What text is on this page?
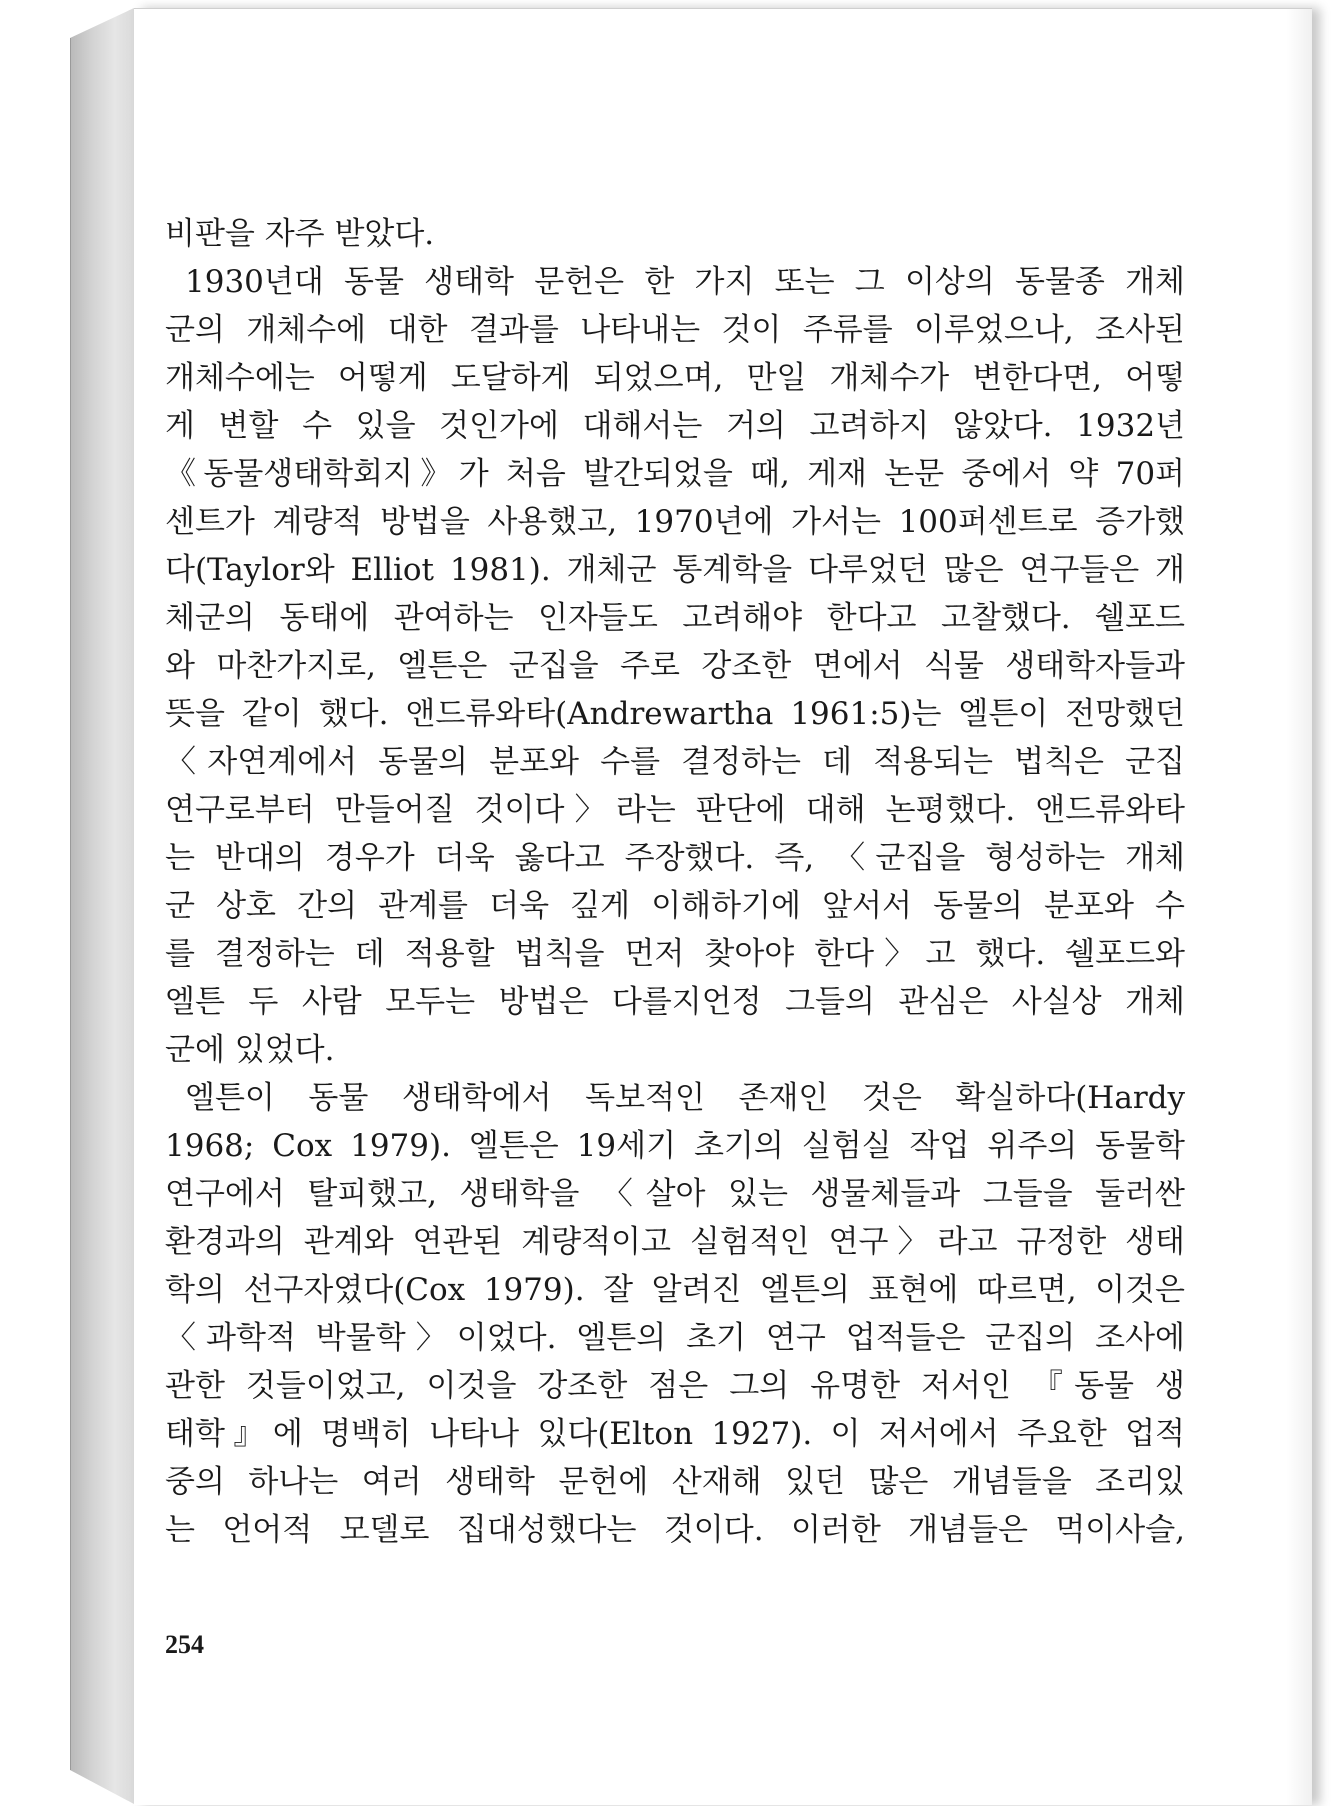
비판을 자주 받았다.
1930년대 동물 생태학 문헌은 한 가지 또는 그 이상의 동물종 개체
군의 개체수에 대한 결과를 나타내는 것이 주류를 이루었으나, 조사된
개체수에는 어떻게 도달하게 되었으며, 만일 개체수가 변한다면, 어떻
게 변할 수 있을 것인가에 대해서는 거의 고려하지 않았다. 1932년
《동물생태학회지》가 처음 발간되었을 때, 게재 논문 중에서 약 70퍼
센트가 계량적 방법을 사용했고, 1970년에 가서는 100퍼센트로 증가했
다(Taylor와 Elliot 1981). 개체군 통계학을 다루었던 많은 연구들은 개
체군의 동태에 관여하는 인자들도 고려해야 한다고 고찰했다. 쉘포드
와 마찬가지로, 엘튼은 군집을 주로 강조한 면에서 식물 생태학자들과
뜻을 같이 했다. 앤드류와타(Andrewartha 1961:5)는 엘튼이 전망했던
〈자연계에서 동물의 분포와 수를 결정하는 데 적용되는 법칙은 군집
연구로부터 만들어질 것이다〉라는 판단에 대해 논평했다. 앤드류와타
는 반대의 경우가 더욱 옳다고 주장했다. 즉, 〈군집을 형성하는 개체
군 상호 간의 관계를 더욱 깊게 이해하기에 앞서서 동물의 분포와 수
를 결정하는 데 적용할 법칙을 먼저 찾아야 한다〉고 했다. 쉘포드와
엘튼 두 사람 모두는 방법은 다를지언정 그들의 관심은 사실상 개체
군에 있었다.
엘튼이 동물 생태학에서 독보적인 존재인 것은 확실하다(Hardy
1968; Cox 1979). 엘튼은 19세기 초기의 실험실 작업 위주의 동물학
연구에서 탈피했고, 생태학을 〈살아 있는 생물체들과 그들을 둘러싼
환경과의 관계와 연관된 계량적이고 실험적인 연구〉라고 규정한 생태
학의 선구자였다(Cox 1979). 잘 알려진 엘튼의 표현에 따르면, 이것은
〈과학적 박물학〉이었다. 엘튼의 초기 연구 업적들은 군집의 조사에
관한 것들이었고, 이것을 강조한 점은 그의 유명한 저서인 『동물 생
태학』에 명백히 나타나 있다(Elton 1927). 이 저서에서 주요한 업적
중의 하나는 여러 생태학 문헌에 산재해 있던 많은 개념들을 조리있
는 언어적 모델로 집대성했다는 것이다. 이러한 개념들은 먹이사슬,
254
